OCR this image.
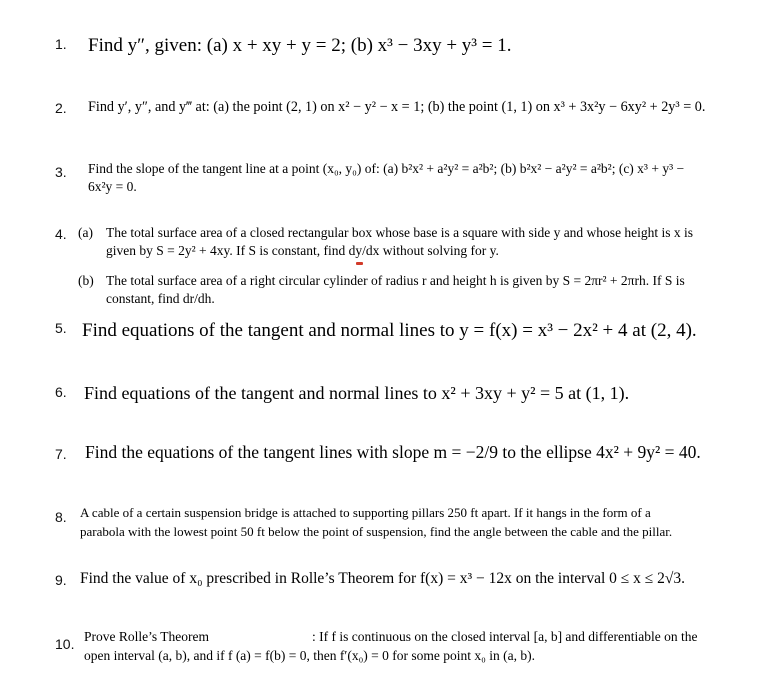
1. Find y″, given: (a) x + xy + y = 2; (b) x³ − 3xy + y³ = 1.
2. Find y′, y″, and y‴ at: (a) the point (2, 1) on x² − y² − x = 1; (b) the point (1, 1) on x³ + 3x²y − 6xy² + 2y³ = 0.
3. Find the slope of the tangent line at a point (x₀, y₀) of: (a) b²x² + a²y² = a²b²; (b) b²x² − a²y² = a²b²; (c) x³ + y³ −
6x²y = 0.
4. (a) The total surface area of a closed rectangular box whose base is a square with side y and whose height is x is
given by S = 2y² + 4xy. If S is constant, find dy/dx without solving for y.
(b) The total surface area of a right circular cylinder of radius r and height h is given by S = 2πr² + 2πrh. If S is
constant, find dr/dh.
5. Find equations of the tangent and normal lines to y = f(x) = x³ − 2x² + 4 at (2, 4).
6. Find equations of the tangent and normal lines to x² + 3xy + y² = 5 at (1, 1).
7. Find the equations of the tangent lines with slope m = −2/9 to the ellipse 4x² + 9y² = 40.
8. A cable of a certain suspension bridge is attached to supporting pillars 250 ft apart. If it hangs in the form of a
parabola with the lowest point 50 ft below the point of suspension, find the angle between the cable and the pillar.
9. Find the value of x₀ prescribed in Rolle’s Theorem for f(x) = x³ − 12x on the interval 0 ≤ x ≤ 2√3.
10. Prove Rolle’s Theorem	: If f is continuous on the closed interval [a, b] and differentiable on the
open interval (a, b), and if f (a) = f(b) = 0, then f′(x₀) = 0 for some point x₀ in (a, b).
